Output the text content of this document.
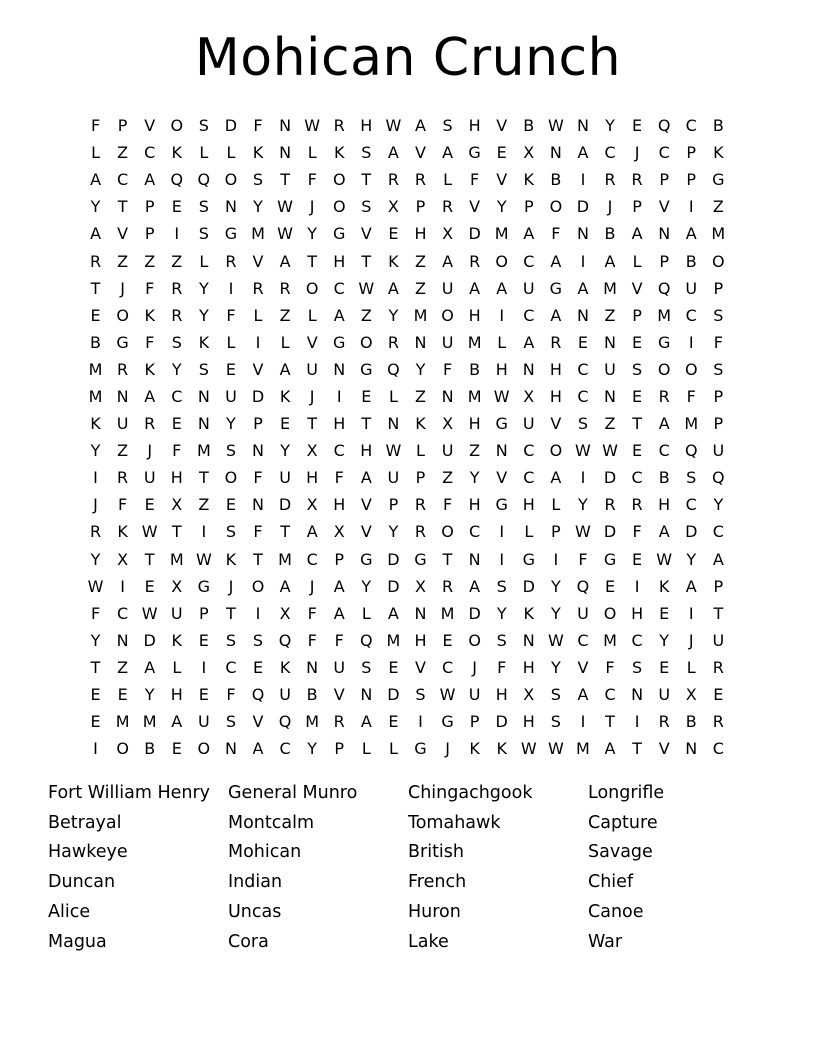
Mohican Crunch
F	P	V O S D	F	N W R H W A	S H V	B W N	Y	E Q C	B
L	Z	C	K	L	L	K N	L	K	S	A	V	A G E	X N A	C	J	C	P	K
A	C	A Q Q O S	T	F	O T	R R	L	F	V	K	B	I	R R	P	P	G
Y	T	P	E	S	N	Y W	J	O S	X	P	R	V	Y	P O D	J	P	V	I	Z
A	V	P	I	S G M W Y G V	E	H X D M A	F	N B	A N A M
R	Z	Z	Z	L	R	V	A	T	H	T	K	Z	A	R O C	A	I	A	L	P	B O
T	J	F	R	Y	I	R R O C W A	Z U A	A U G A M V Q U	P
E O K	R	Y	F	L	Z	L	A	Z	Y M O H	I	C	A N Z	P M C	S
B G	F	S	K	L	I	L	V G O R N U M L	A	R	E	N	E G	I	F
M R	K	Y	S	E	V	A U N G Q Y	F	B H N H C U	S O O S
M N A	C N U D K	J	I	E	L	Z N M W X H C N	E	R	F	P
K U R	E	N	Y	P	E	T	H	T	N K	X H G U V	S	Z	T	A M P
Y	Z	J	F M S	N	Y	X	C H W L	U Z N C O W W E	C Q U
I	R U H	T O	F	U H	F	A U	P	Z	Y	V	C	A	I	D C	B	S Q
J	F	E	X	Z	E	N D X H V	P	R	F	H G H	L	Y	R R H C	Y
R	K W T	I	S	F	T	A	X	V	Y	R O C	I	L	P W D	F	A D C
Y	X	T M W K	T M C	P	G D G T	N	I	G	I	F	G E W Y	A
W	I	E	X G	J	O A	J	A	Y	D X	R	A	S D	Y Q E	I	K	A	P
F	C W U	P	T	I	X	F	A	L	A N M D	Y	K	Y	U O H	E	I	T
Y	N D K	E	S	S Q	F	F	Q M H	E O S	N W C M C	Y	J	U
T	Z	A	L	I	C	E	K N U	S	E	V	C	J	F	H	Y	V	F	S	E	L	R
E	E	Y	H	E	F	Q U B	V N D S W U H X	S	A	C N U X	E
E M M A U	S	V Q M R	A	E	I	G	P	D H S	I	T	I	R	B	R
I	O B	E O N A	C	Y	P	L	L	G	J	K	K W W M A	T	V N C
Fort William Henry	General Munro	Chingachgook	Longrifle
Betrayal	Montcalm	Tomahawk	Capture
Hawkeye	Mohican	British	Savage
Duncan	Indian	French	Chief
Alice	Uncas	Huron	Canoe
Magua	Cora	Lake	War
